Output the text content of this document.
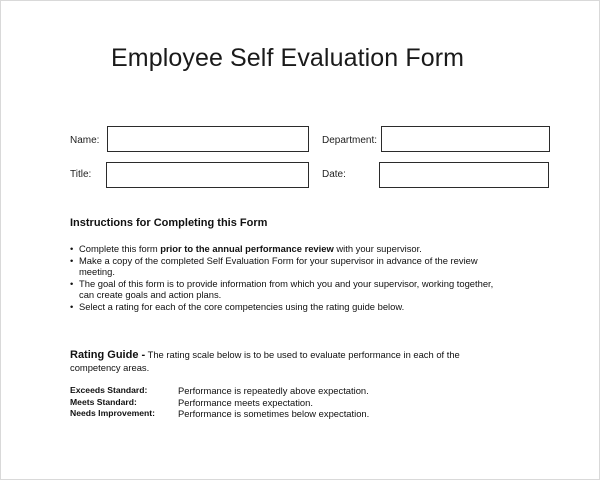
Employee Self Evaluation Form
Name:	Department:
Title:	Date:
Instructions for Completing this Form
• Complete this form prior to the annual performance review with your supervisor.
• Make a copy of the completed Self Evaluation Form for your supervisor in advance of the review meeting.
• The goal of this form is to provide information from which you and your supervisor, working together, can create goals and action plans.
• Select a rating for each of the core competencies using the rating guide below.
Rating Guide - The rating scale below is to be used to evaluate performance in each of the competency areas.
Exceeds Standard:	Performance is repeatedly above expectation.
Meets Standard:	Performance meets expectation.
Needs Improvement: Performance is sometimes below expectation.
